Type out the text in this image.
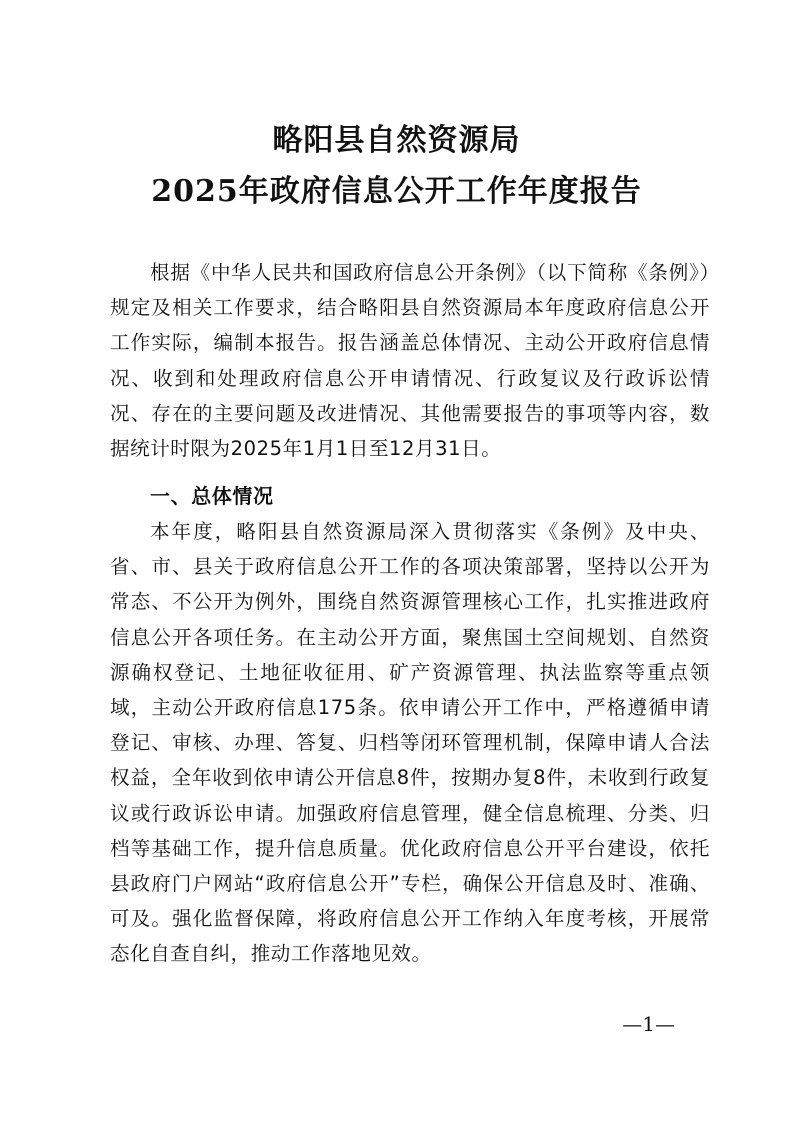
略阳县自然资源局
2025年政府信息公开工作年度报告

根据《中华人民共和国政府信息公开条例》（以下简称《条例》）规定及相关工作要求，结合略阳县自然资源局本年度政府信息公开工作实际，编制本报告。报告涵盖总体情况、主动公开政府信息情况、收到和处理政府信息公开申请情况、行政复议及行政诉讼情况、存在的主要问题及改进情况、其他需要报告的事项等内容，数据统计时限为2025年1月1日至12月31日。

一、总体情况

本年度，略阳县自然资源局深入贯彻落实《条例》及中央、省、市、县关于政府信息公开工作的各项决策部署，坚持以公开为常态、不公开为例外，围绕自然资源管理核心工作，扎实推进政府信息公开各项任务。在主动公开方面，聚焦国土空间规划、自然资源确权登记、土地征收征用、矿产资源管理、执法监察等重点领域，主动公开政府信息175条。依申请公开工作中，严格遵循申请登记、审核、办理、答复、归档等闭环管理机制，保障申请人合法权益，全年收到依申请公开信息8件，按期办复8件，未收到行政复议或行政诉讼申请。加强政府信息管理，健全信息梳理、分类、归档等基础工作，提升信息质量。优化政府信息公开平台建设，依托县政府门户网站“政府信息公开”专栏，确保公开信息及时、准确、可及。强化监督保障，将政府信息公开工作纳入年度考核，开展常态化自查自纠，推动工作落地见效。

—1—
